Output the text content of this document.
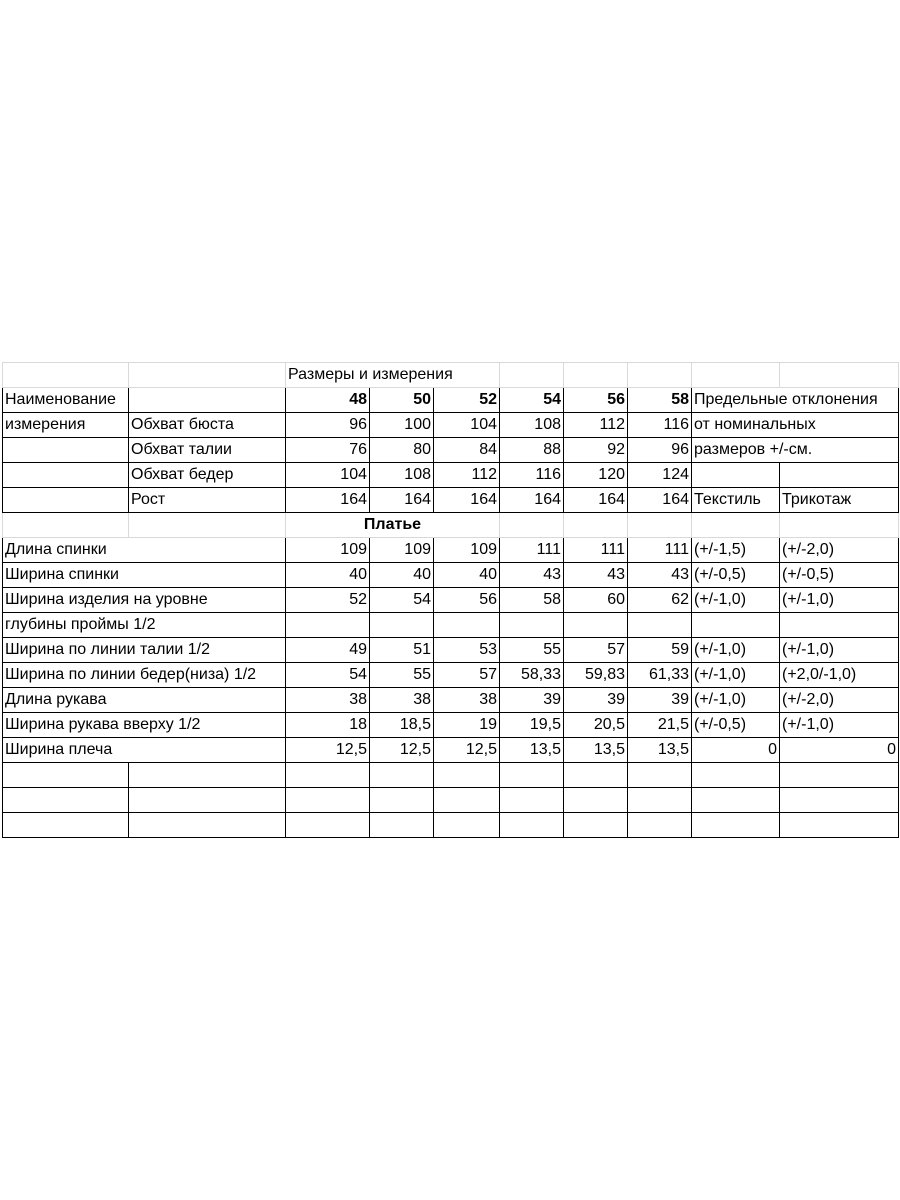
		Размеры и измерения							
Наименование		48	50	52	54	56	58	Предельные отклонения	
измерения	Обхват бюста	96	100	104	108	112	116	от номинальных	
	Обхват талии	76	80	84	88	92	96	размеров +/-см.	
	Обхват бедер	104	108	112	116	120	124		
	Рост	164	164	164	164	164	164	Текстиль	Трикотаж
		Платье							
Длина спинки		109	109	109	111	111	111	(+/-1,5)	(+/-2,0)
Ширина спинки		40	40	40	43	43	43	(+/-0,5)	(+/-0,5)
Ширина изделия на уровне		52	54	56	58	60	62	(+/-1,0)	(+/-1,0)
глубины проймы 1/2									
Ширина по линии талии 1/2		49	51	53	55	57	59	(+/-1,0)	(+/-1,0)
Ширина по линии бедер(низа) 1/2		54	55	57	58,33	59,83	61,33	(+/-1,0)	(+2,0/-1,0)
Длина рукава		38	38	38	39	39	39	(+/-1,0)	(+/-2,0)
Ширина рукава вверху 1/2		18	18,5	19	19,5	20,5	21,5	(+/-0,5)	(+/-1,0)
Ширина плеча		12,5	12,5	12,5	13,5	13,5	13,5	0	0
